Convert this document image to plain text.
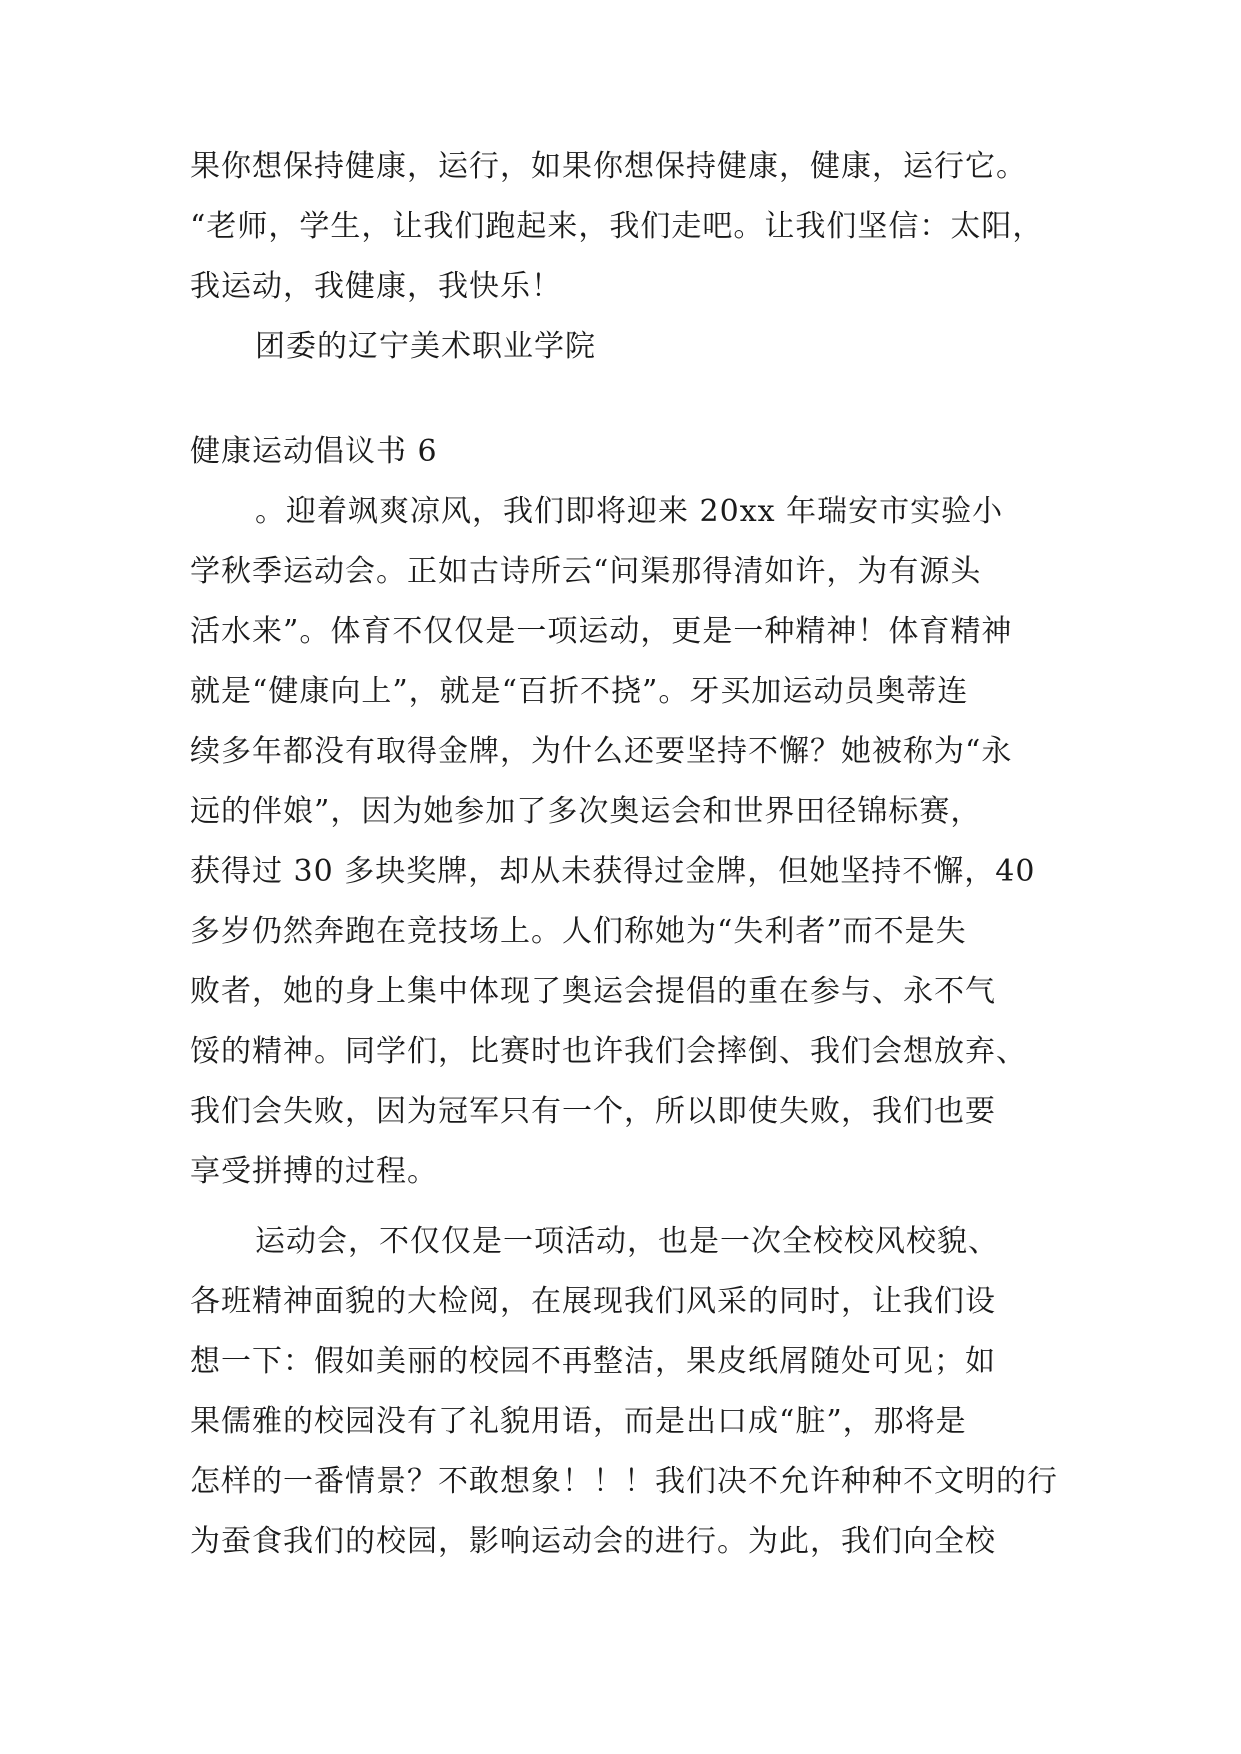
果你想保持健康，运行，如果你想保持健康，健康，运行它。
“老师，学生，让我们跑起来，我们走吧。让我们坚信：太阳，
我运动，我健康，我快乐！
团委的辽宁美术职业学院
健康运动倡议书 6
。迎着飒爽凉风，我们即将迎来 20xx 年瑞安市实验小
学秋季运动会。正如古诗所云“问渠那得清如许，为有源头
活水来”。体育不仅仅是一项运动，更是一种精神！体育精神
就是“健康向上”，就是“百折不挠”。牙买加运动员奥蒂连
续多年都没有取得金牌，为什么还要坚持不懈？她被称为“永
远的伴娘”，因为她参加了多次奥运会和世界田径锦标赛，
获得过 30 多块奖牌，却从未获得过金牌，但她坚持不懈，40
多岁仍然奔跑在竞技场上。人们称她为“失利者”而不是失
败者，她的身上集中体现了奥运会提倡的重在参与、永不气
馁的精神。同学们，比赛时也许我们会摔倒、我们会想放弃、
我们会失败，因为冠军只有一个，所以即使失败，我们也要
享受拼搏的过程。
运动会，不仅仅是一项活动，也是一次全校校风校貌、
各班精神面貌的大检阅，在展现我们风采的同时，让我们设
想一下：假如美丽的校园不再整洁，果皮纸屑随处可见；如
果儒雅的校园没有了礼貌用语，而是出口成“脏”，那将是
怎样的一番情景？不敢想象！！！我们决不允许种种不文明的行
为蚕食我们的校园，影响运动会的进行。为此，我们向全校
